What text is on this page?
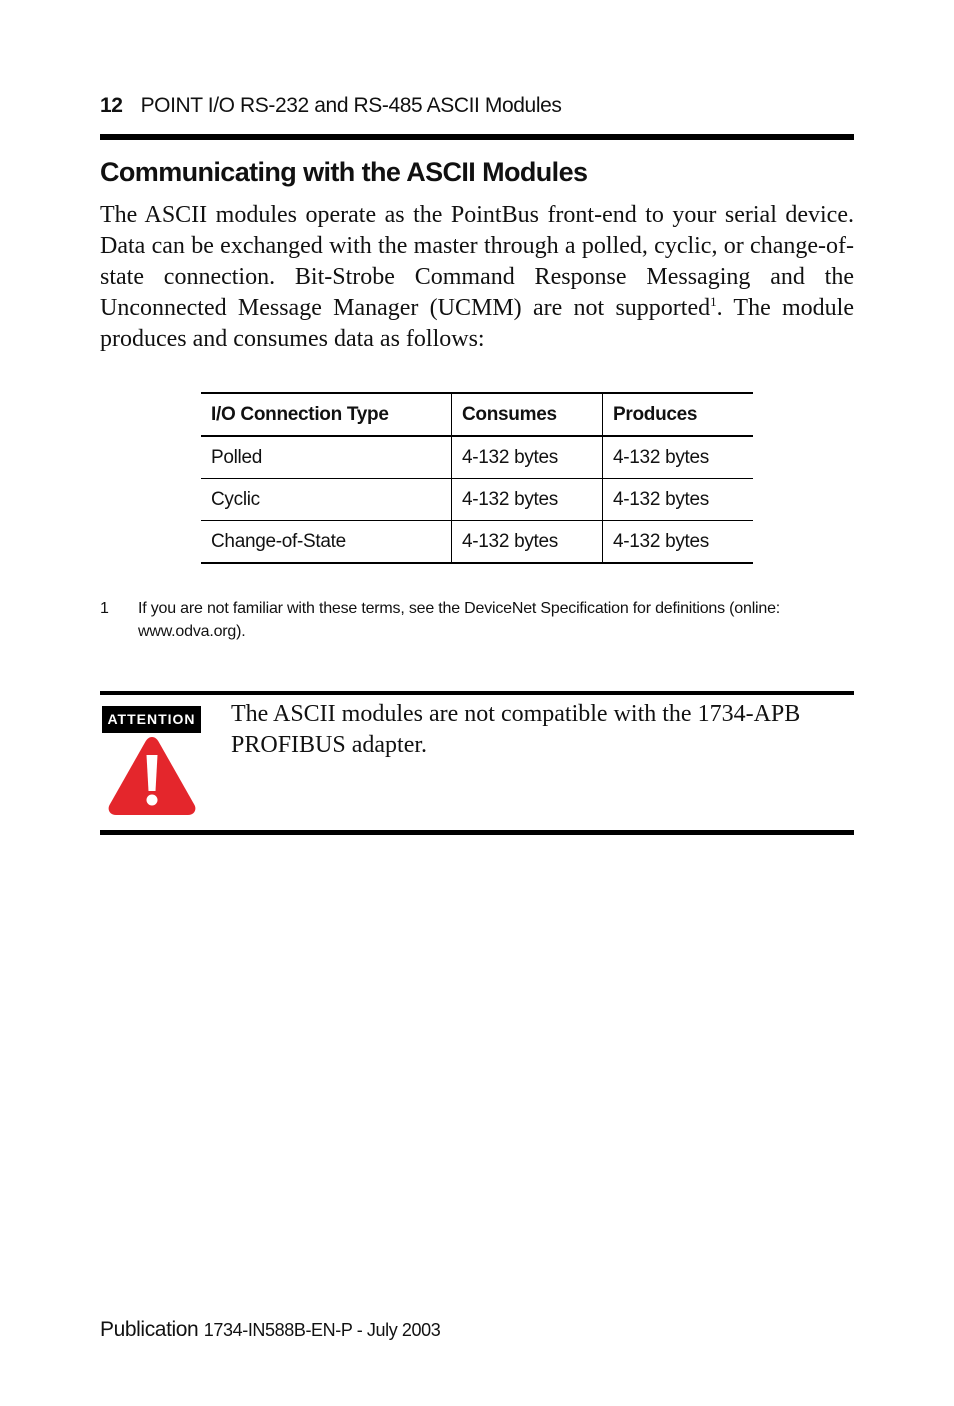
12 POINT I/O RS-232 and RS-485 ASCII Modules
Communicating with the ASCII Modules

The ASCII modules operate as the PointBus front-end to your serial device. Data can be exchanged with the master through a polled, cyclic, or change-of-state connection. Bit-Strobe Command Response Messaging and the Unconnected Message Manager (UCMM) are not supported$^1$. The module produces and consumes data as follows:

I/O Connection Type	Consumes	Produces
Polled	4-132 bytes	4-132 bytes
Cyclic	4-132 bytes	4-132 bytes
Change-of-State	4-132 bytes	4-132 bytes
1 If you are not familiar with these terms, see the DeviceNet Specification for definitions (online: www.odva.org).
ATTENTION The ASCII modules are not compatible with the 1734-APB PROFIBUS adapter.

Publication 1734-IN588B-EN-P - July 2003
